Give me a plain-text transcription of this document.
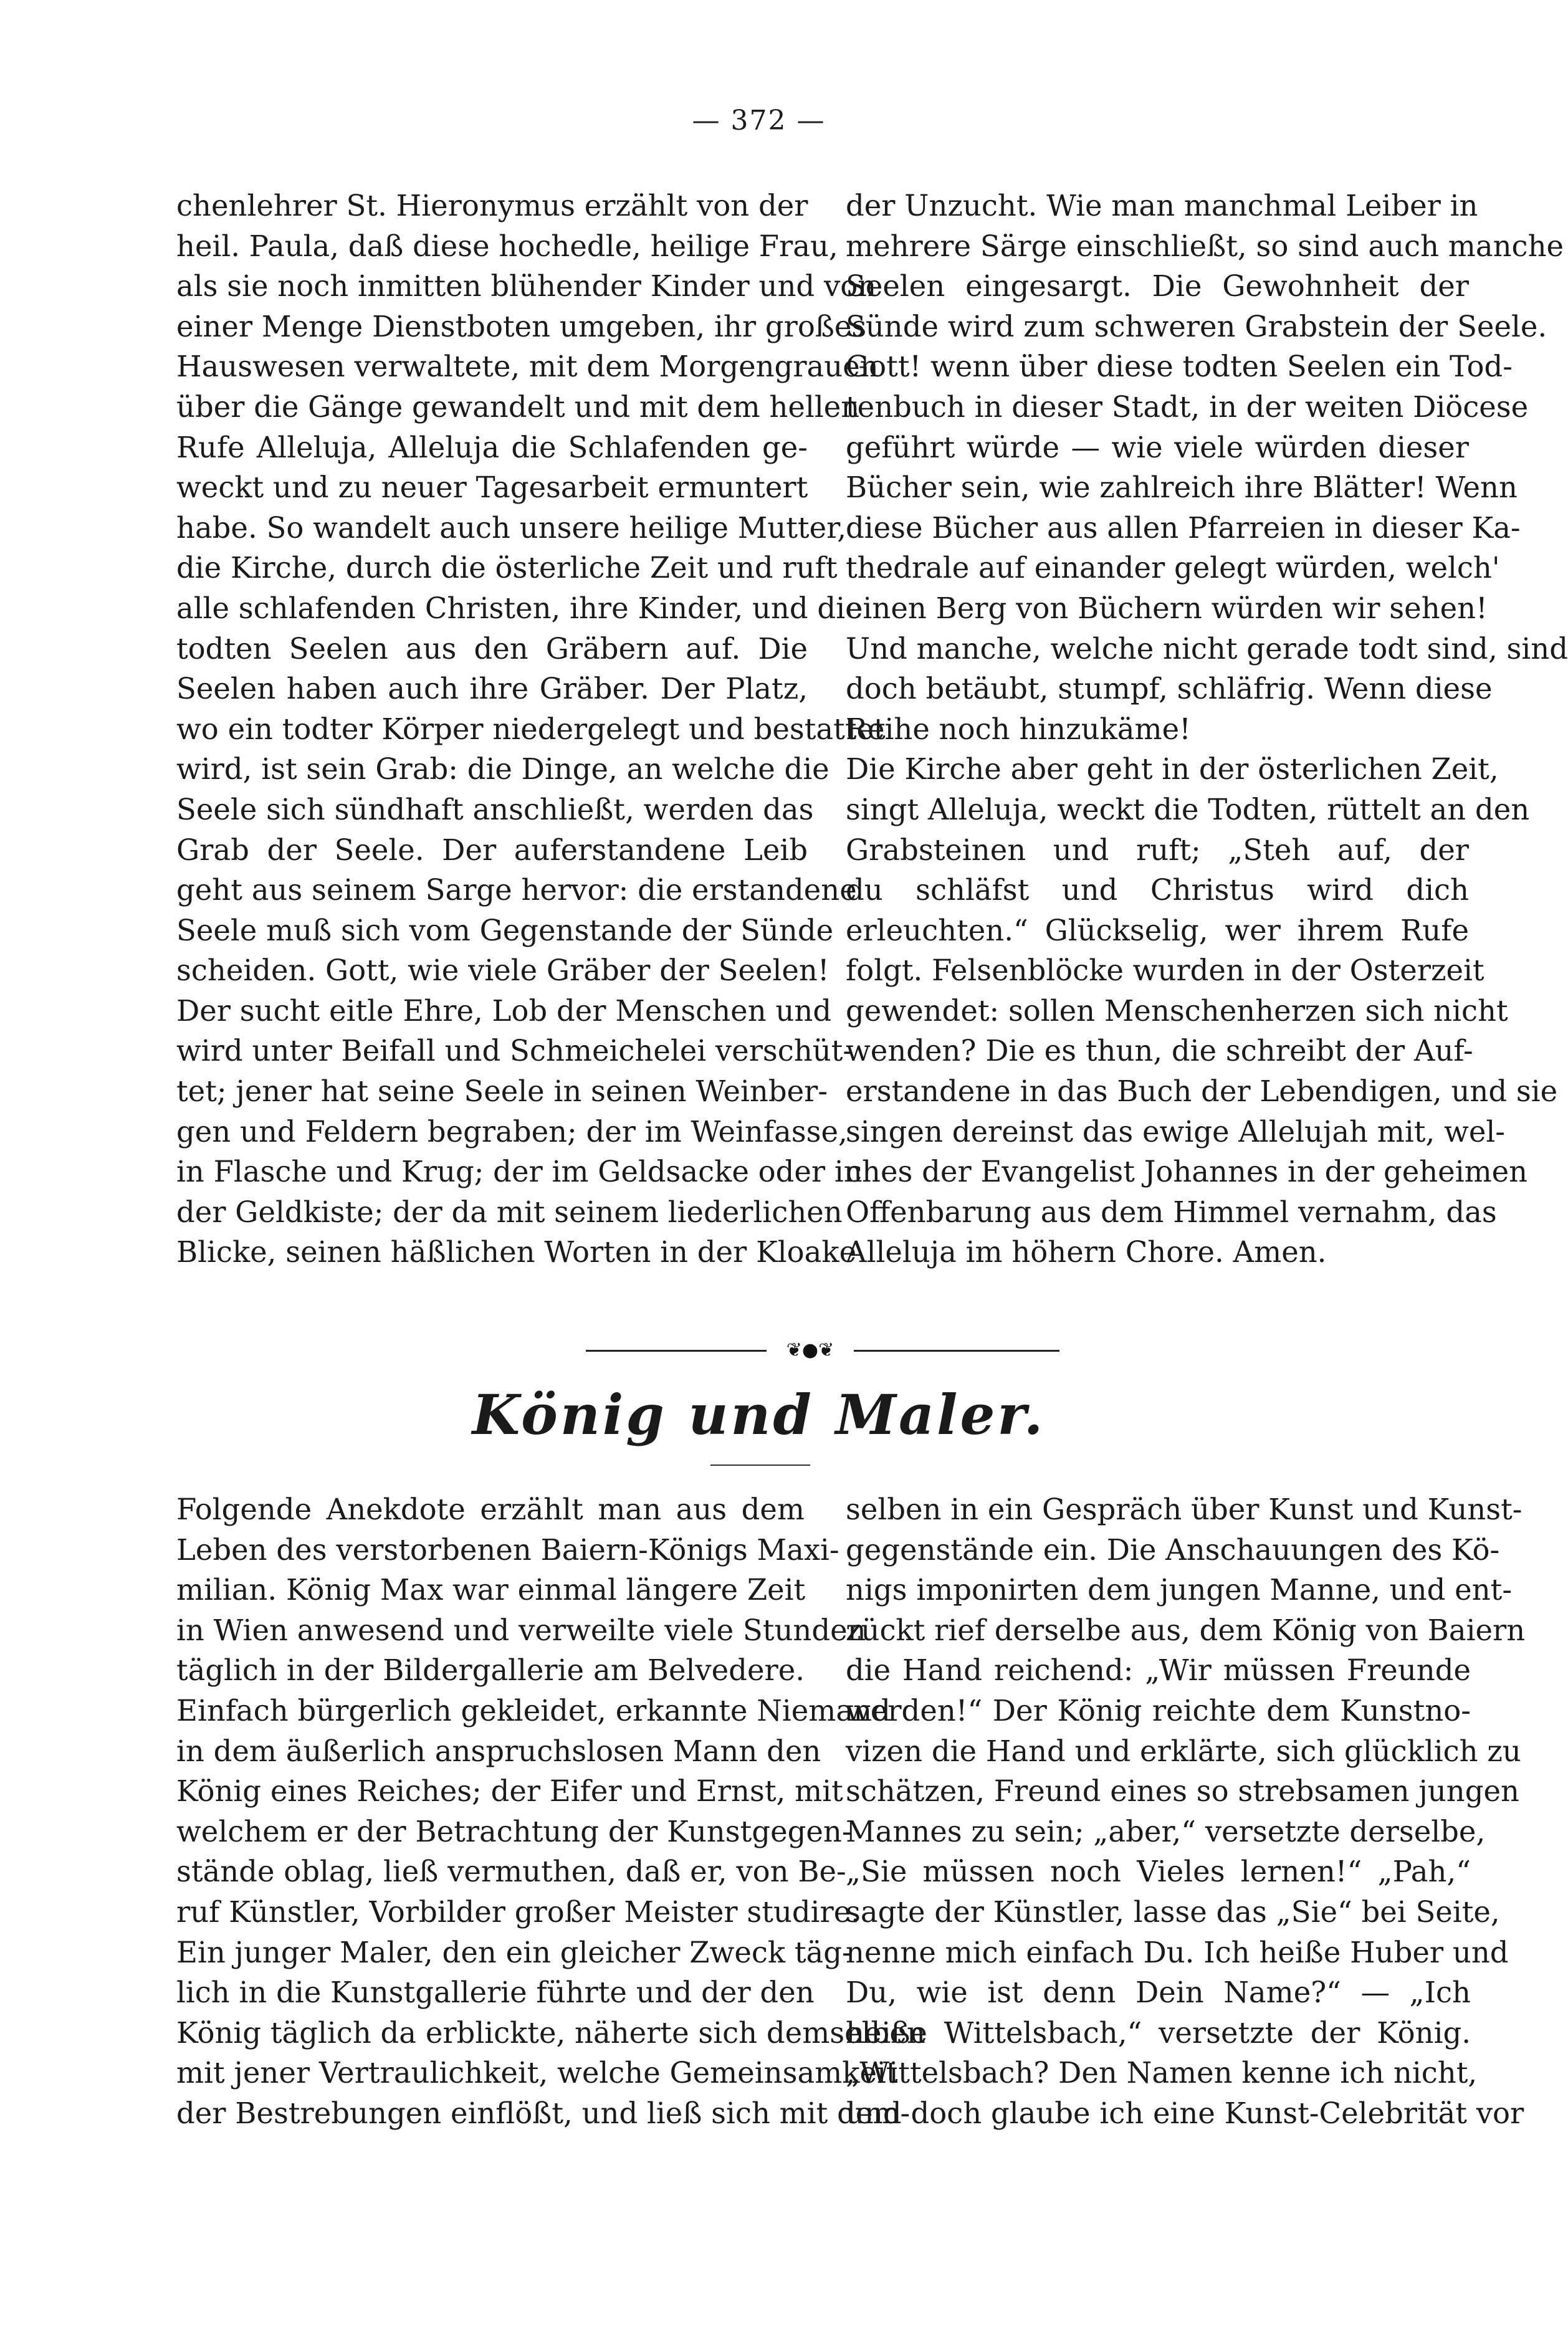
— 372 —
chenlehrer St. Hieronymus erzählt von der
heil. Paula, daß diese hochedle, heilige Frau,
als sie noch inmitten blühender Kinder und von
einer Menge Dienstboten umgeben, ihr großes
Hauswesen verwaltete, mit dem Morgengrauen
über die Gänge gewandelt und mit dem hellen
Rufe Alleluja, Alleluja die Schlafenden ge-
weckt und zu neuer Tagesarbeit ermuntert
habe. So wandelt auch unsere heilige Mutter,
die Kirche, durch die österliche Zeit und ruft
alle schlafenden Christen, ihre Kinder, und die
todten Seelen aus den Gräbern auf. Die
Seelen haben auch ihre Gräber. Der Platz,
wo ein todter Körper niedergelegt und bestattet
wird, ist sein Grab: die Dinge, an welche die
Seele sich sündhaft anschließt, werden das
Grab der Seele. Der auferstandene Leib
geht aus seinem Sarge hervor: die erstandene
Seele muß sich vom Gegenstande der Sünde
scheiden. Gott, wie viele Gräber der Seelen!
Der sucht eitle Ehre, Lob der Menschen und
wird unter Beifall und Schmeichelei verschüt-
tet; jener hat seine Seele in seinen Weinber-
gen und Feldern begraben; der im Weinfasse,
in Flasche und Krug; der im Geldsacke oder in
der Geldkiste; der da mit seinem liederlichen
Blicke, seinen häßlichen Worten in der Kloake
der Unzucht. Wie man manchmal Leiber in
mehrere Särge einschließt, so sind auch manche
Seelen eingesargt. Die Gewohnheit der
Sünde wird zum schweren Grabstein der Seele.
Gott! wenn über diese todten Seelen ein Tod-
tenbuch in dieser Stadt, in der weiten Diöcese
geführt würde — wie viele würden dieser
Bücher sein, wie zahlreich ihre Blätter! Wenn
diese Bücher aus allen Pfarreien in dieser Ka-
thedrale auf einander gelegt würden, welch'
einen Berg von Büchern würden wir sehen!
Und manche, welche nicht gerade todt sind, sind
doch betäubt, stumpf, schläfrig. Wenn diese
Reihe noch hinzukäme!
Die Kirche aber geht in der österlichen Zeit,
singt Alleluja, weckt die Todten, rüttelt an den
Grabsteinen und ruft; „Steh auf, der
du schläfst und Christus wird dich
erleuchten.“ Glückselig, wer ihrem Rufe
folgt. Felsenblöcke wurden in der Osterzeit
gewendet: sollen Menschenherzen sich nicht
wenden? Die es thun, die schreibt der Auf-
erstandene in das Buch der Lebendigen, und sie
singen dereinst das ewige Allelujah mit, wel-
ches der Evangelist Johannes in der geheimen
Offenbarung aus dem Himmel vernahm, das
Alleluja im höhern Chore. Amen.
❦●❦
König und Maler.
Folgende Anekdote erzählt man aus dem
Leben des verstorbenen Baiern-Königs Maxi-
milian. König Max war einmal längere Zeit
in Wien anwesend und verweilte viele Stunden
täglich in der Bildergallerie am Belvedere.
Einfach bürgerlich gekleidet, erkannte Niemand
in dem äußerlich anspruchslosen Mann den
König eines Reiches; der Eifer und Ernst, mit
welchem er der Betrachtung der Kunstgegen-
stände oblag, ließ vermuthen, daß er, von Be-
ruf Künstler, Vorbilder großer Meister studire.
Ein junger Maler, den ein gleicher Zweck täg-
lich in die Kunstgallerie führte und der den
König täglich da erblickte, näherte sich demselben
mit jener Vertraulichkeit, welche Gemeinsamkeit
der Bestrebungen einflößt, und ließ sich mit dem-
selben in ein Gespräch über Kunst und Kunst-
gegenstände ein. Die Anschauungen des Kö-
nigs imponirten dem jungen Manne, und ent-
zückt rief derselbe aus, dem König von Baiern
die Hand reichend: „Wir müssen Freunde
werden!“ Der König reichte dem Kunstno-
vizen die Hand und erklärte, sich glücklich zu
schätzen, Freund eines so strebsamen jungen
Mannes zu sein; „aber,“ versetzte derselbe,
„Sie müssen noch Vieles lernen!“ „Pah,“
sagte der Künstler, lasse das „Sie“ bei Seite,
nenne mich einfach Du. Ich heiße Huber und
Du, wie ist denn Dein Name?“ — „Ich
heiße Wittelsbach,“ versetzte der König.
„Wittelsbach? Den Namen kenne ich nicht,
und doch glaube ich eine Kunst-Celebrität vor
